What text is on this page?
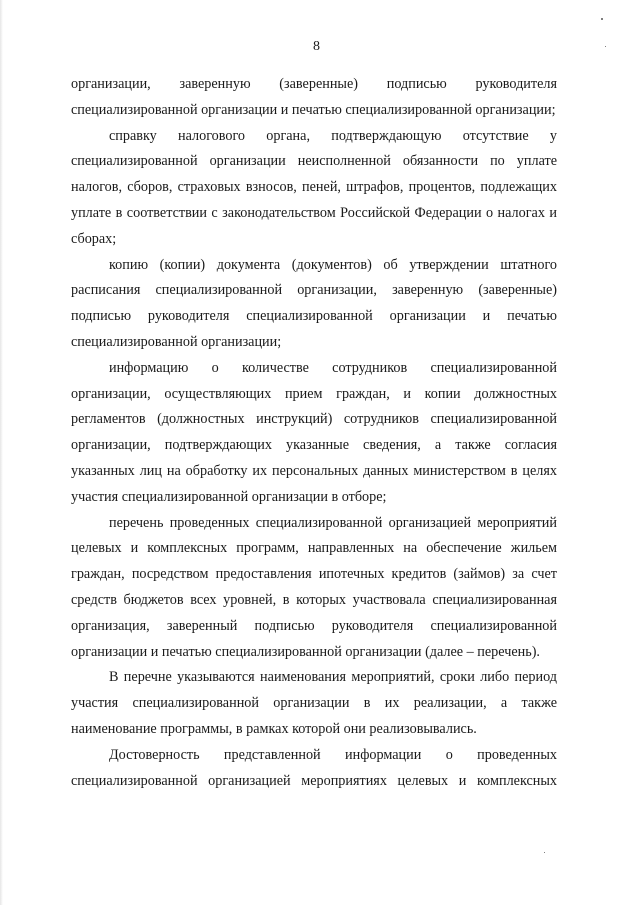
8

организации, заверенную (заверенные) подписью руководителя специализированной организации и печатью специализированной организации;

справку налогового органа, подтверждающую отсутствие у специализированной организации неисполненной обязанности по уплате налогов, сборов, страховых взносов, пеней, штрафов, процентов, подлежащих уплате в соответствии с законодательством Российской Федерации о налогах и сборах;

копию (копии) документа (документов) об утверждении штатного расписания специализированной организации, заверенную (заверенные) подписью руководителя специализированной организации и печатью специализированной организации;

информацию о количестве сотрудников специализированной организации, осуществляющих прием граждан, и копии должностных регламентов (должностных инструкций) сотрудников специализированной организации, подтверждающих указанные сведения, а также согласия указанных лиц на обработку их персональных данных министерством в целях участия специализированной организации в отборе;

перечень проведенных специализированной организацией мероприятий целевых и комплексных программ, направленных на обеспечение жильем граждан, посредством предоставления ипотечных кредитов (займов) за счет средств бюджетов всех уровней, в которых участвовала специализированная организация, заверенный подписью руководителя специализированной организации и печатью специализированной организации (далее – перечень).

В перечне указываются наименования мероприятий, сроки либо период участия специализированной организации в их реализации, а также наименование программы, в рамках которой они реализовывались.

Достоверность представленной информации о проведенных специализированной организацией мероприятиях целевых и комплексных
